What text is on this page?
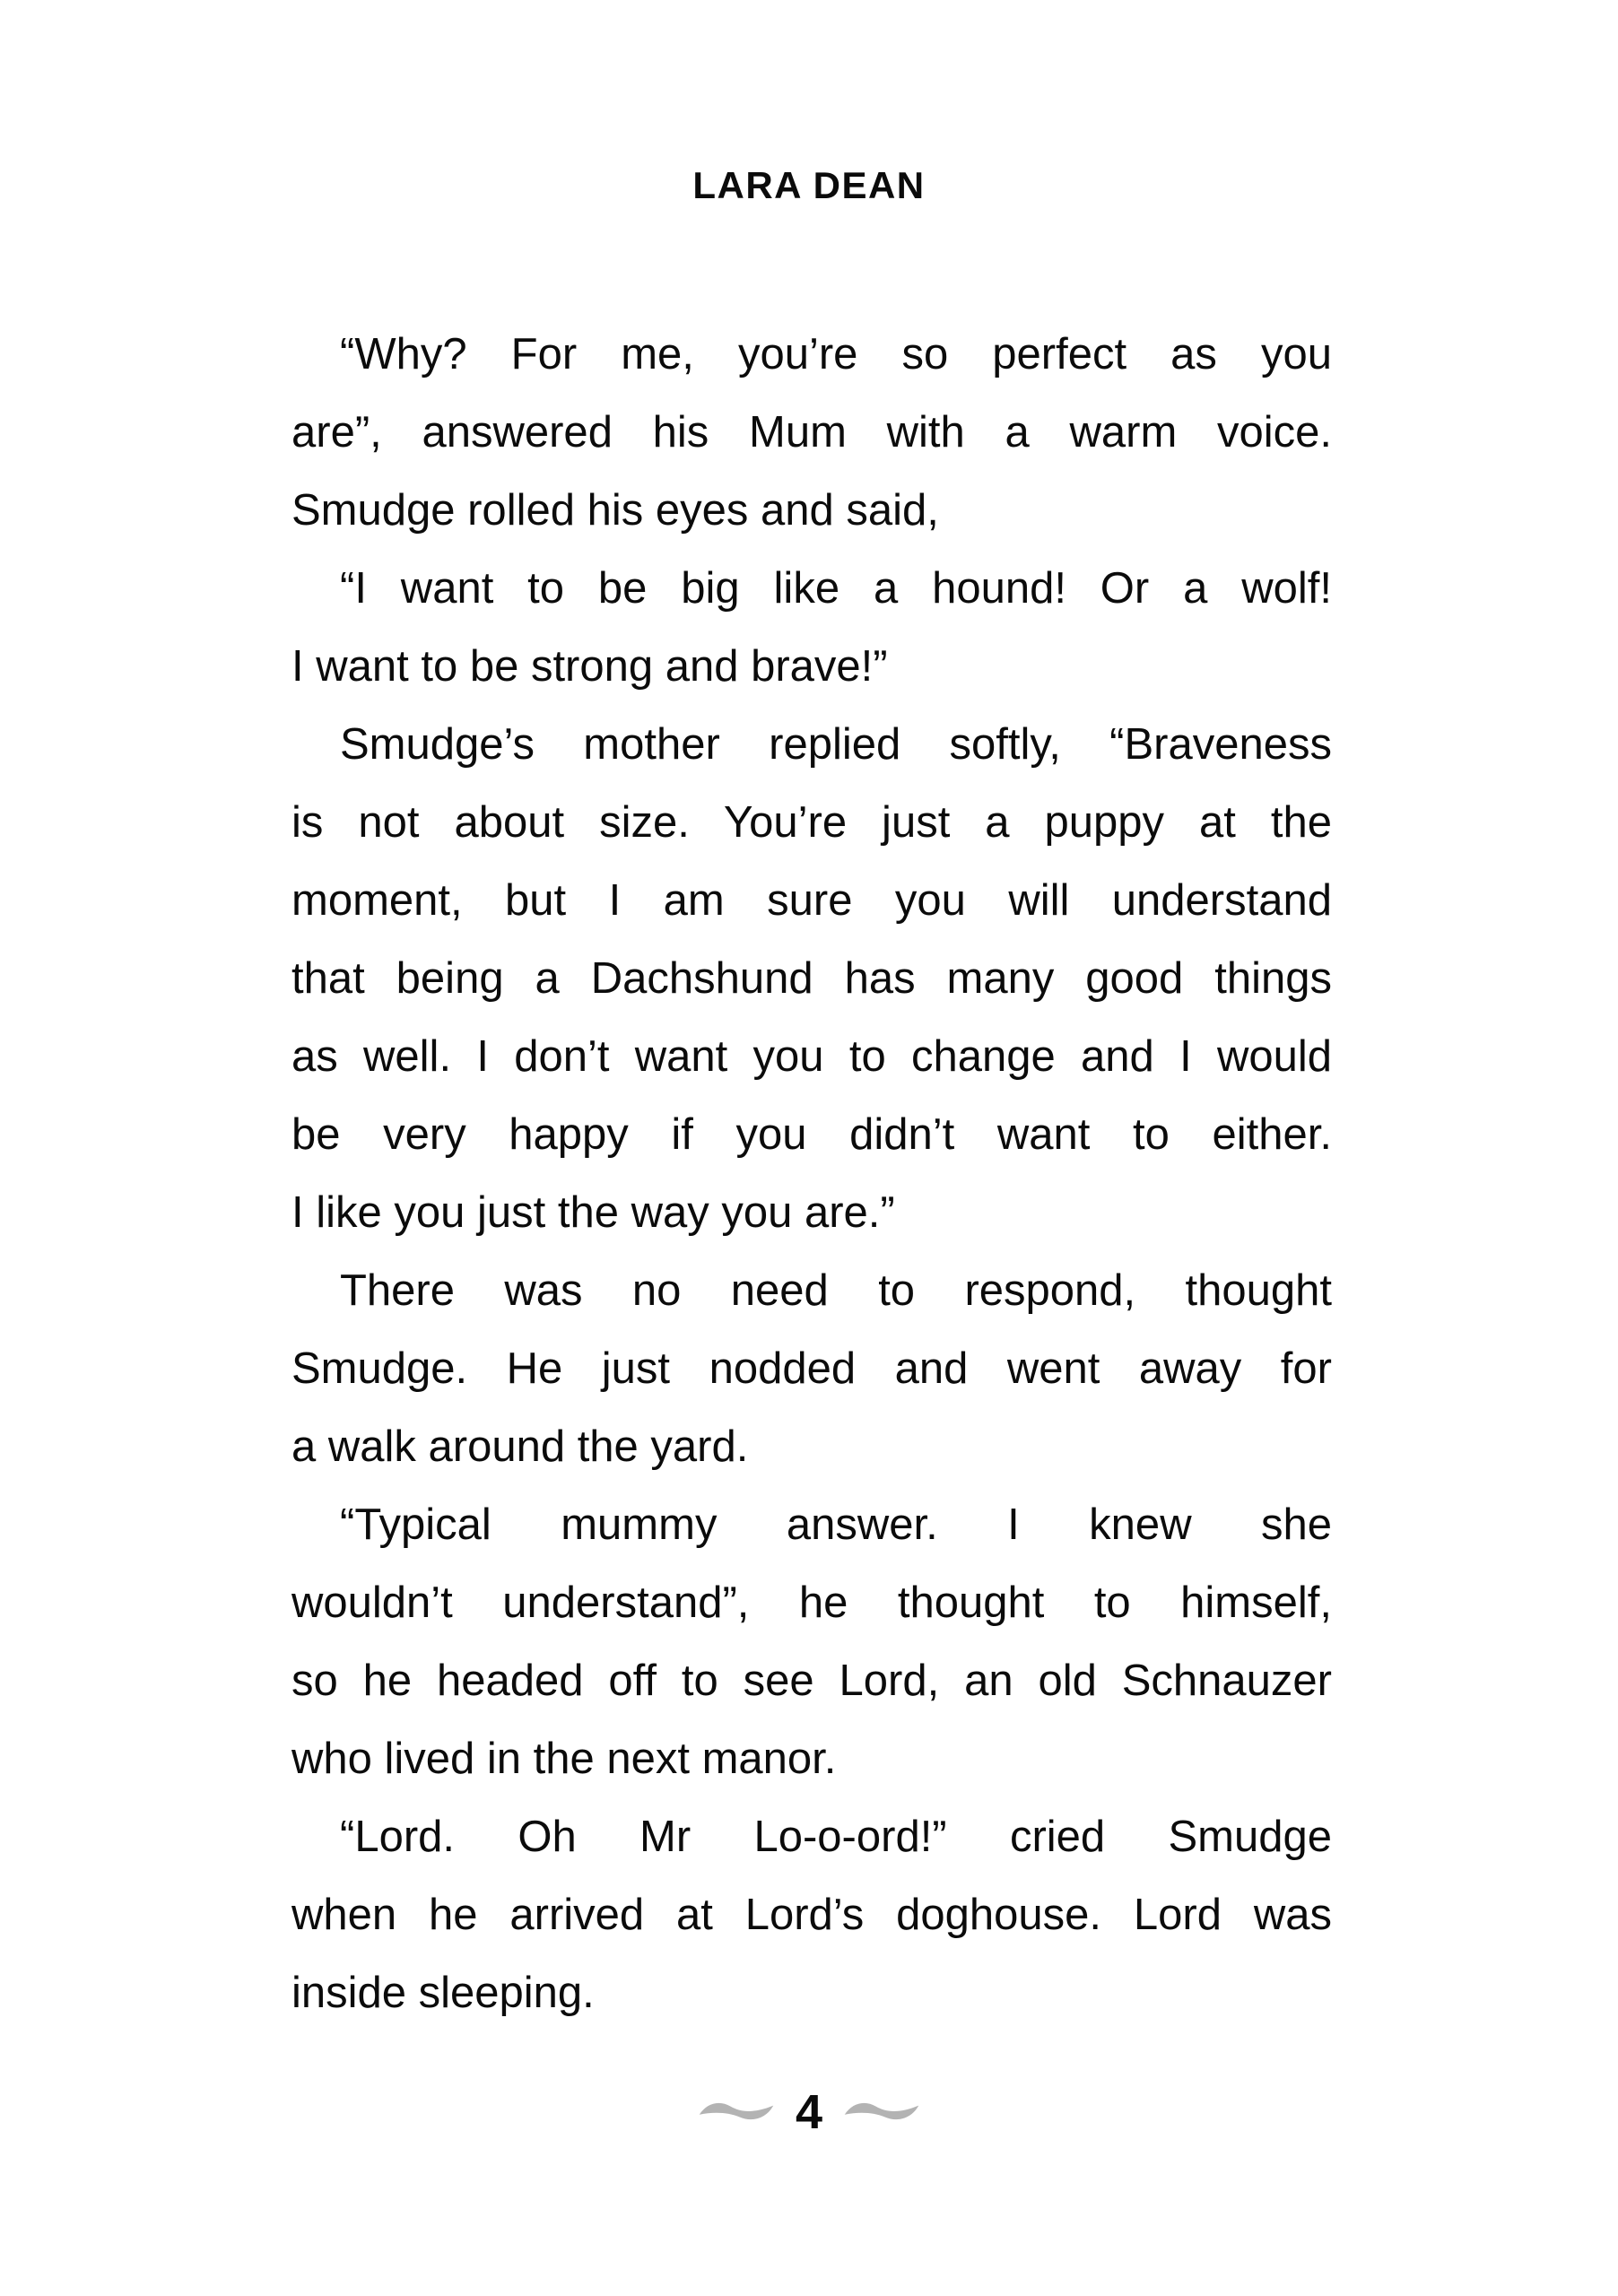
LARA DEAN
“Why? For me, you’re so perfect as you
are”, answered his Mum with a warm voice.
Smudge rolled his eyes and said,
“I want to be big like a hound! Or a wolf!
I want to be strong and brave!”
Smudge’s mother replied softly, “Braveness
is not about size. You’re just a puppy at the
moment, but I am sure you will understand
that being a Dachshund has many good things
as well. I don’t want you to change and I would
be very happy if you didn’t want to either.
I like you just the way you are.”
There was no need to respond, thought
Smudge. He just nodded and went away for
a walk around the yard.
“Typical mummy answer. I knew she
wouldn’t understand”, he thought to himself,
so he headed off to see Lord, an old Schnauzer
who lived in the next manor.
“Lord. Oh Mr Lo-o-ord!” cried Smudge
when he arrived at Lord’s doghouse. Lord was
inside sleeping.
4
